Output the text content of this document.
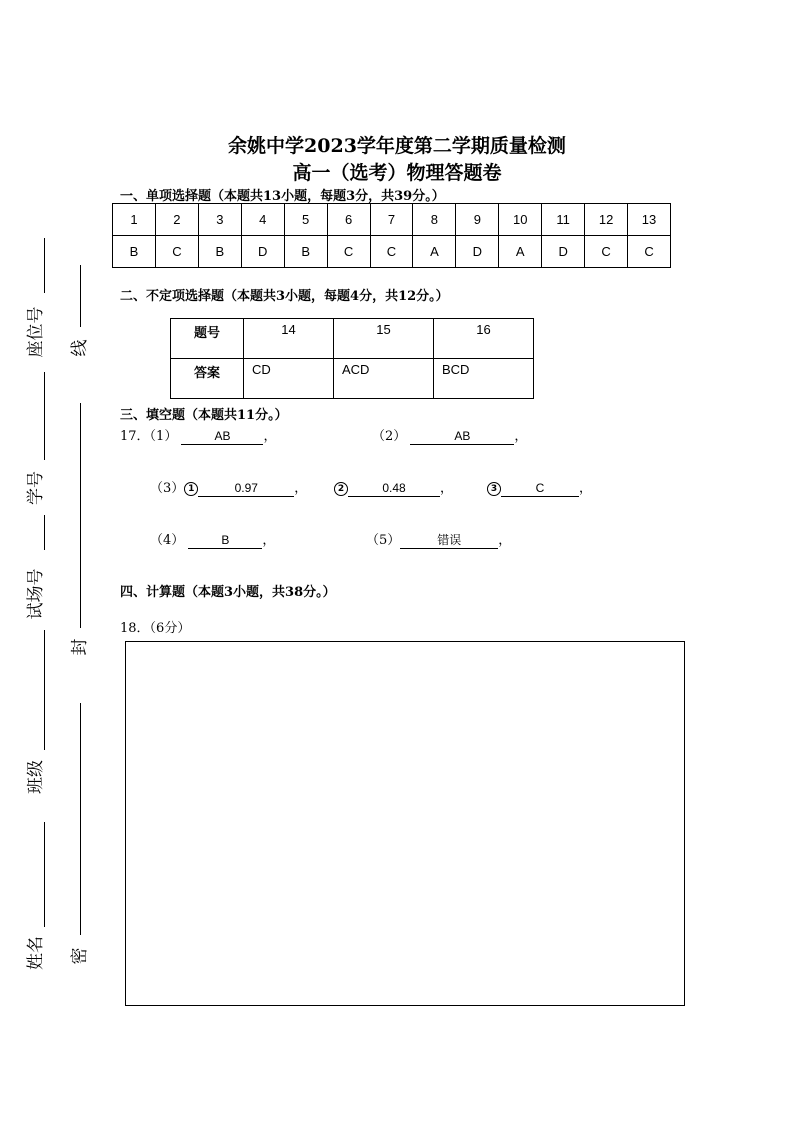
余姚中学2023学年度第二学期质量检测
高一（选考）物理答题卷
一、单项选择题（本题共13小题，每题3分，共39分。）
1	2	3	4	5	6	7	8	9	10	11	12	13
B	C	B	D	B	C	C	A	D	A	D	C	C
二、不定项选择题（本题共3小题，每题4分，共12分。）
题号	14	15	16
答案	CD	ACD	BCD
三、填空题（本题共11分。）
17．（1）	AB	，	（2）	AB	，
（3） 1	0.97	，	2	0.48	，	3	C	，
（4）	B	，	（5）	错误	，
四、计算题（本题3小题，共38分。）
18．（6分）
座位号
学号
试场号
班级
姓名
线
封
密
